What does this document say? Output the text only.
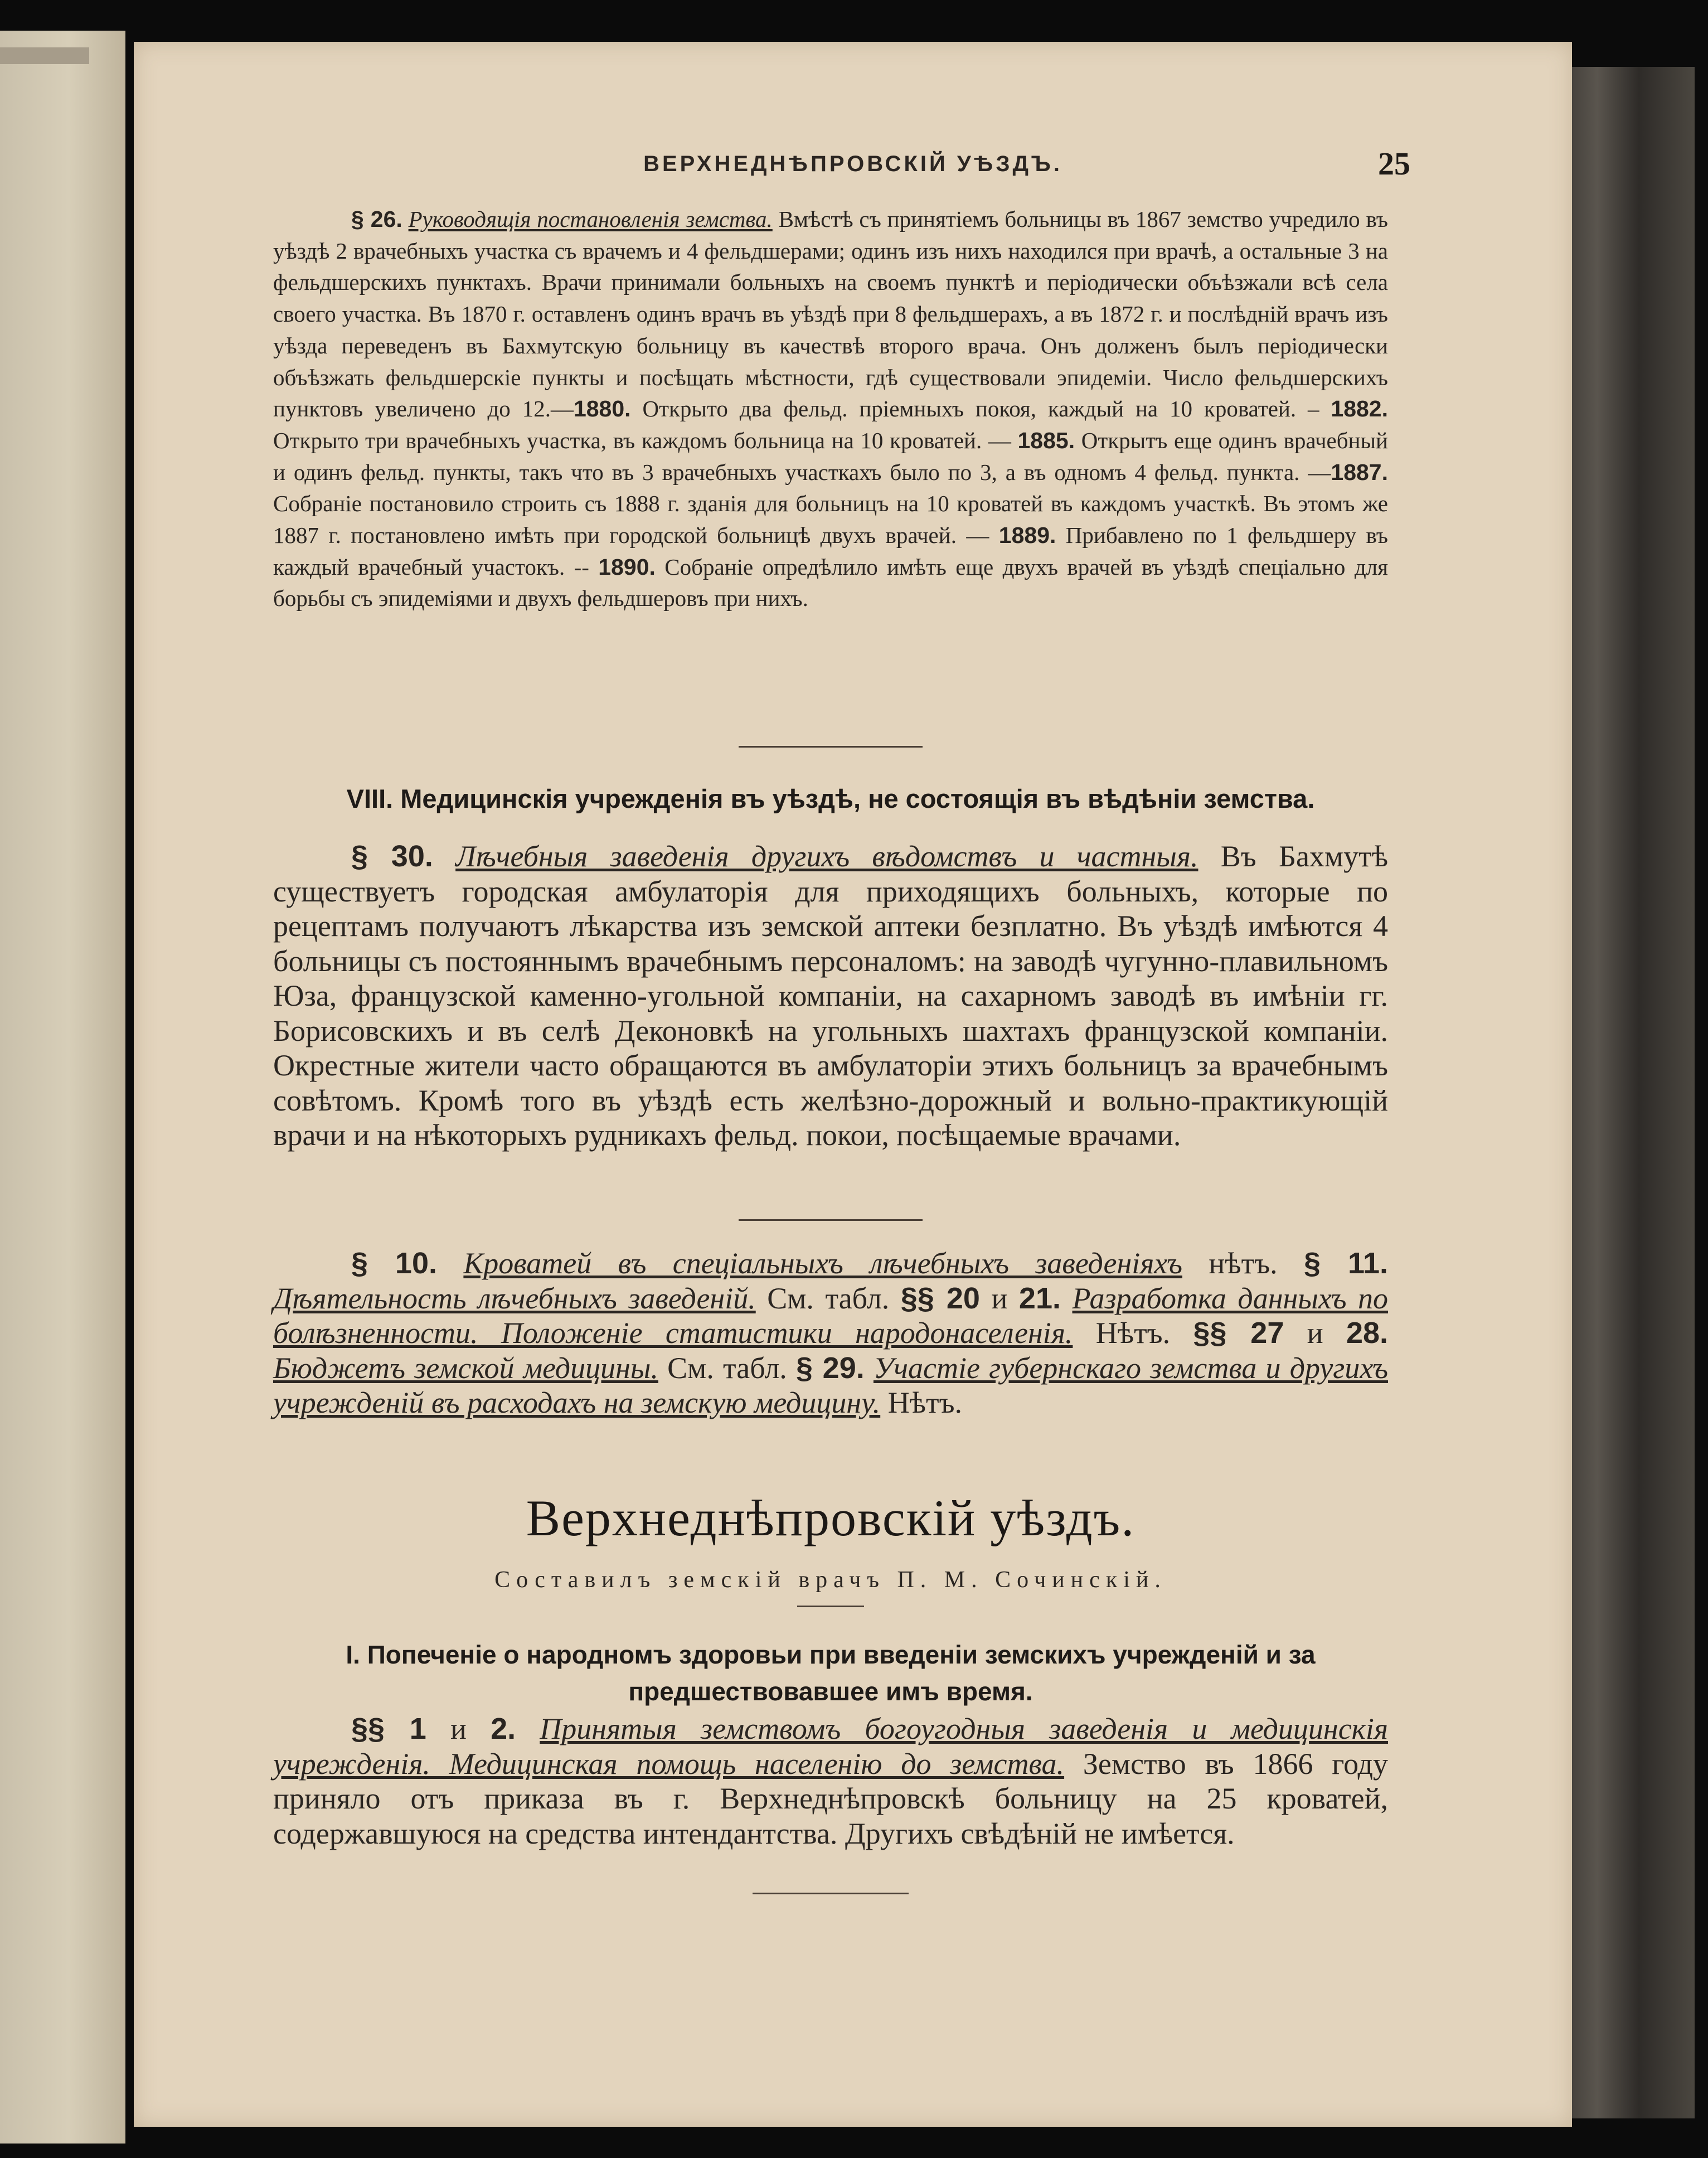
ВЕРХНЕДНѢПРОВСКІЙ УѢЗДЪ.	25
§ 26. Руководящія постановленія земства. Вмѣстѣ съ принятіемъ больницы въ 1867 земство учредило въ уѣздѣ 2 врачебныхъ участка съ врачемъ и 4 фельдшерами; одинъ изъ нихъ находился при врачѣ, а остальные 3 на фельдшерскихъ пунктахъ. Врачи принимали больныхъ на своемъ пунктѣ и періодически объѣзжали всѣ села своего участка. Въ 1870 г. оставленъ одинъ врачъ въ уѣздѣ при 8 фельдшерахъ, а въ 1872 г. и послѣдній врачъ изъ уѣзда переведенъ въ Бахмутскую больницу въ качествѣ второго врача. Онъ долженъ былъ періодически объѣзжать фельдшерскіе пункты и посѣщать мѣстности, гдѣ существовали эпидеміи. Число фельдшерскихъ пунктовъ увеличено до 12.—1880. Открыто два фельд. пріемныхъ покоя, каждый на 10 кроватей. – 1882. Открыто три врачебныхъ участка, въ каждомъ больница на 10 кроватей. — 1885. Открытъ еще одинъ врачебный и одинъ фельд. пункты, такъ что въ 3 врачебныхъ участкахъ было по 3, а въ одномъ 4 фельд. пункта. —1887. Собраніе постановило строить съ 1888 г. зданія для больницъ на 10 кроватей въ каждомъ участкѣ. Въ этомъ же 1887 г. постановлено имѣть при городской больницѣ двухъ врачей. — 1889. Прибавлено по 1 фельдшеру въ каждый врачебный участокъ. -- 1890. Собраніе опредѣлило имѣть еще двухъ врачей въ уѣздѣ спеціально для борьбы съ эпидеміями и двухъ фельдшеровъ при нихъ.
VIII. Медицинскія учрежденія въ уѣздѣ, не состоящія въ вѣдѣніи земства.
§ 30. Лѣчебныя заведенія другихъ вѣдомствъ и частныя. Въ Бахмутѣ существуетъ городская амбулаторія для приходящихъ больныхъ, которые по рецептамъ получаютъ лѣкарства изъ земской аптеки безплатно. Въ уѣздѣ имѣются 4 больницы съ постояннымъ врачебнымъ персоналомъ: на заводѣ чугунно-плавильномъ Юза, французской каменно-угольной компаніи, на сахарномъ заводѣ въ имѣніи гг. Борисовскихъ и въ селѣ Деконовкѣ на угольныхъ шахтахъ французской компаніи. Окрестные жители часто обращаются въ амбулаторіи этихъ больницъ за врачебнымъ совѣтомъ. Кромѣ того въ уѣздѣ есть желѣзно-дорожный и вольно-практикующій врачи и на нѣкоторыхъ рудникахъ фельд. покои, посѣщаемые врачами.
§ 10. Кроватей въ спеціальныхъ лѣчебныхъ заведеніяхъ нѣтъ. § 11. Дѣятельность лѣчебныхъ заведеній. См. табл. §§ 20 и 21. Разработка данныхъ по болѣзненности. Положеніе статистики народонаселенія. Нѣтъ. §§ 27 и 28. Бюджетъ земской медицины. См. табл. § 29. Участіе губернскаго земства и другихъ учрежденій въ расходахъ на земскую медицину. Нѣтъ.
Верхнеднѣпровскій уѣздъ.
Составилъ земскій врачъ П. М. Сочинскій.
I. Попеченіе о народномъ здоровьи при введеніи земскихъ учрежденій и за
предшествовавшее имъ время.
§§ 1 и 2. Принятыя земствомъ богоугодныя заведенія и медицинскія учрежденія. Медицинская помощь населенію до земства. Земство въ 1866 году приняло отъ приказа въ г. Верхнеднѣпровскѣ больницу на 25 кроватей, содержавшуюся на средства интендантства. Другихъ свѣдѣній не имѣется.
